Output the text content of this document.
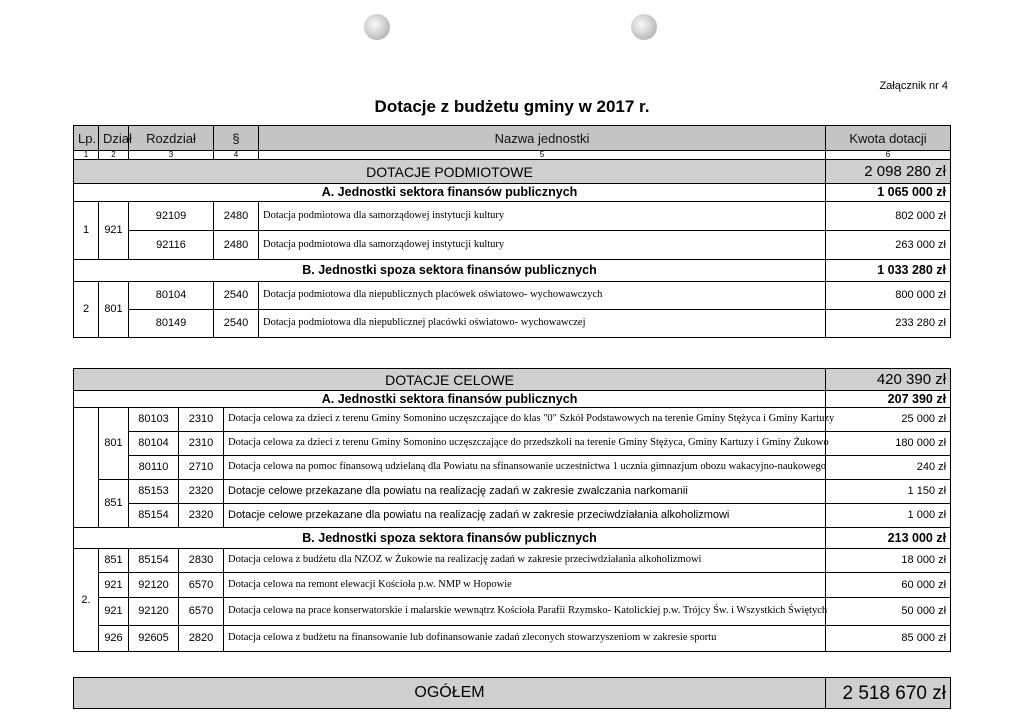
Załącznik nr 4
Dotacje z budżetu gminy w 2017 r.
Lp.	Dział	Rozdział	§	Nazwa jednostki	Kwota dotacji
1	2	3	4	5	6
DOTACJE PODMIOTOWE					2 098 280 zł
A. Jednostki sektora finansów publicznych					1 065 000 zł
1	921	92109	2480	Dotacja podmiotowa dla samorządowej instytucji kultury	802 000 zł
		92116	2480	Dotacja podmiotowa dla samorządowej instytucji kultury	263 000 zł
B. Jednostki spoza sektora finansów publicznych					1 033 280 zł
2	801	80104	2540	Dotacja podmiotowa dla niepublicznych placówek oświatowo- wychowawczych	800 000 zł
		80149	2540	Dotacja podmiotowa dla niepublicznej placówki oświatowo- wychowawczej	233 280 zł
DOTACJE CELOWE					420 390 zł
A. Jednostki sektora finansów publicznych					207 390 zł
	801	80103	2310	Dotacja celowa za dzieci z terenu Gminy Somonino uczęszczające do klas "0" Szkół Podstawowych na terenie Gminy Stężyca i Gminy Kartuzy	25 000 zł
		80104	2310	Dotacja celowa za dzieci z terenu Gminy Somonino uczęszczające do przedszkoli na terenie Gminy Stężyca, Gminy Kartuzy i Gminy Żukowo	180 000 zł
		80110	2710	Dotacja celowa na pomoc finansową udzielaną dla Powiatu na sfinansowanie uczestnictwa 1 ucznia gimnazjum obozu wakacyjno-naukowego	240 zł
	851	85153	2320	Dotacje celowe przekazane dla powiatu na realizację zadań w zakresie zwalczania narkomanii	1 150 zł
		85154	2320	Dotacje celowe przekazane dla powiatu na realizację zadań w zakresie przeciwdziałania alkoholizmowi	1 000 zł
B. Jednostki spoza sektora finansów publicznych					213 000 zł
2.	851	85154	2830	Dotacja celowa z budżetu dla NZOZ w Żukowie na realizację zadań w zakresie przeciwdziałania alkoholizmowi	18 000 zł
	921	92120	6570	Dotacja celowa na remont elewacji Kościoła p.w. NMP w Hopowie	60 000 zł
	921	92120	6570	Dotacja celowa na prace konserwatorskie i malarskie wewnątrz Kościoła Parafii Rzymsko- Katolickiej p.w. Trójcy Św. i Wszystkich Świętych	50 000 zł
	926	92605	2820	Dotacja celowa z budżetu na finansowanie lub dofinansowanie zadań zleconych stowarzyszeniom w zakresie sportu	85 000 zł
OGÓŁEM	2 518 670 zł
